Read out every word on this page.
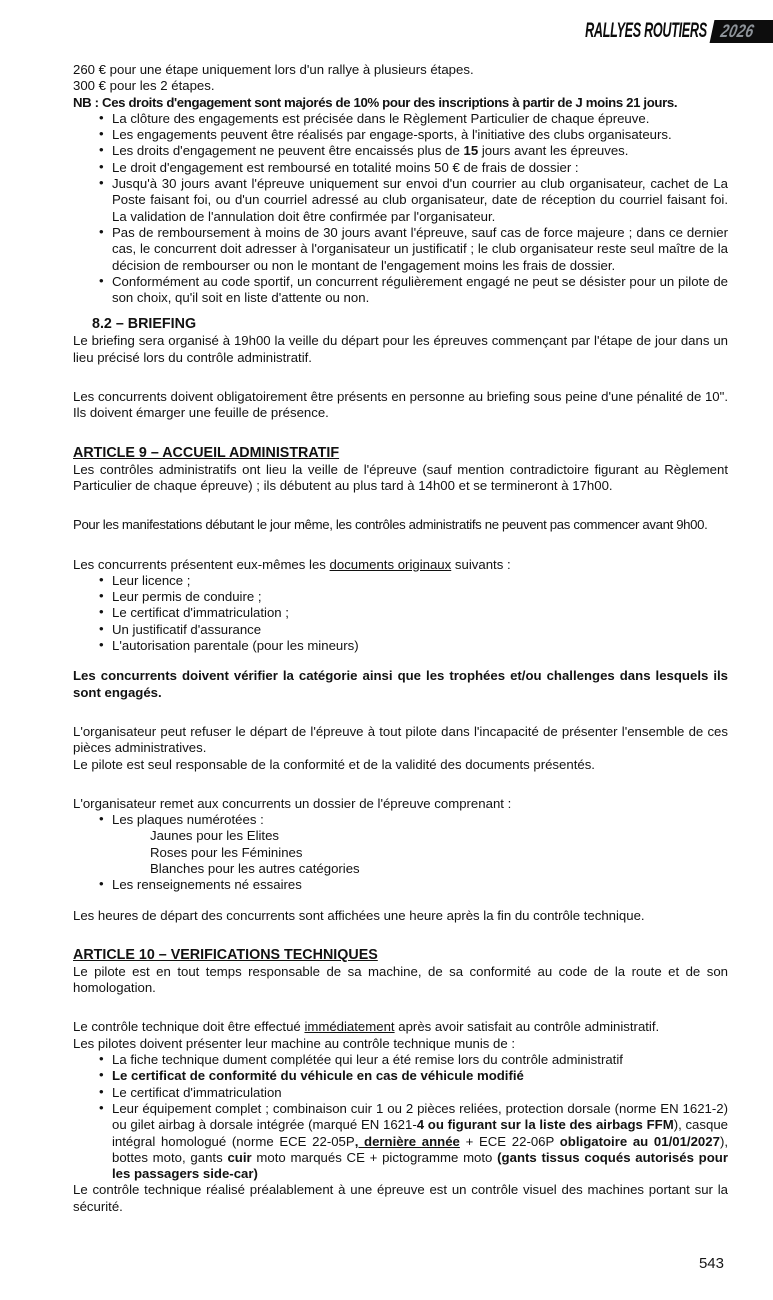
RALLYES ROUTIERS 2026

260 € pour une étape uniquement lors d'un rallye à plusieurs étapes.

300 € pour les 2 étapes.

NB : Ces droits d'engagement sont majorés de 10% pour des inscriptions à partir de J moins 21 jours.

• La clôture des engagements est précisée dans le Règlement Particulier de chaque épreuve.
• Les engagements peuvent être réalisés par engage-sports, à l'initiative des clubs organisateurs.
• Les droits d'engagement ne peuvent être encaissés plus de 15 jours avant les épreuves.
• Le droit d'engagement est remboursé en totalité moins 50 € de frais de dossier :
• Jusqu'à 30 jours avant l'épreuve uniquement sur envoi d'un courrier au club organisateur, cachet de La Poste faisant foi, ou d'un courriel adressé au club organisateur, date de réception du courriel faisant foi. La validation de l'annulation doit être confirmée par l'organisateur.
• Pas de remboursement à moins de 30 jours avant l'épreuve, sauf cas de force majeure ; dans ce dernier cas, le concurrent doit adresser à l'organisateur un justificatif ; le club organisateur reste seul maître de la décision de rembourser ou non le montant de l'engagement moins les frais de dossier.
• Conformément au code sportif, un concurrent régulièrement engagé ne peut se désister pour un pilote de son choix, qu'il soit en liste d'attente ou non.
8.2 – BRIEFING

Le briefing sera organisé à 19h00 la veille du départ pour les épreuves commençant par l'étape de jour dans un lieu précisé lors du contrôle administratif.

Les concurrents doivent obligatoirement être présents en personne au briefing sous peine d'une pénalité de 10". Ils doivent émarger une feuille de présence.

ARTICLE 9 – ACCUEIL ADMINISTRATIF

Les contrôles administratifs ont lieu la veille de l'épreuve (sauf mention contradictoire figurant au Règlement Particulier de chaque épreuve) ; ils débutent au plus tard à 14h00 et se termineront à 17h00.

Pour les manifestations débutant le jour même, les contrôles administratifs ne peuvent pas commencer avant 9h00.

Les concurrents présentent eux-mêmes les documents originaux suivants :

• Leur licence ;
• Leur permis de conduire ;
• Le certificat d'immatriculation ;
• Un justificatif d'assurance
• L'autorisation parentale (pour les mineurs)

Les concurrents doivent vérifier la catégorie ainsi que les trophées et/ou challenges dans lesquels ils sont engagés.

L'organisateur peut refuser le départ de l'épreuve à tout pilote dans l'incapacité de présenter l'ensemble de ces pièces administratives.

Le pilote est seul responsable de la conformité et de la validité des documents présentés.

L'organisateur remet aux concurrents un dossier de l'épreuve comprenant :

• Les plaques numérotées :
Jaunes pour les Elites
Roses pour les Féminines
Blanches pour les autres catégories
• Les renseignements né essaires

Les heures de départ des concurrents sont affichées une heure après la fin du contrôle technique.

ARTICLE 10 – VERIFICATIONS TECHNIQUES

Le pilote est en tout temps responsable de sa machine, de sa conformité au code de la route et de son homologation.

Le contrôle technique doit être effectué immédiatement après avoir satisfait au contrôle administratif.

Les pilotes doivent présenter leur machine au contrôle technique munis de :

• La fiche technique dument complétée qui leur a été remise lors du contrôle administratif
• Le certificat de conformité du véhicule en cas de véhicule modifié
• Le certificat d'immatriculation
• Leur équipement complet ; combinaison cuir 1 ou 2 pièces reliées, protection dorsale (norme EN 1621-2) ou gilet airbag à dorsale intégrée (marqué EN 1621-4 ou figurant sur la liste des airbags FFM), casque intégral homologué (norme ECE 22-05P, dernière année + ECE 22-06P obligatoire au 01/01/2027), bottes moto, gants cuir moto marqués CE + pictogramme moto (gants tissus coqués autorisés pour les passagers side-car)

Le contrôle technique réalisé préalablement à une épreuve est un contrôle visuel des machines portant sur la sécurité.

543
